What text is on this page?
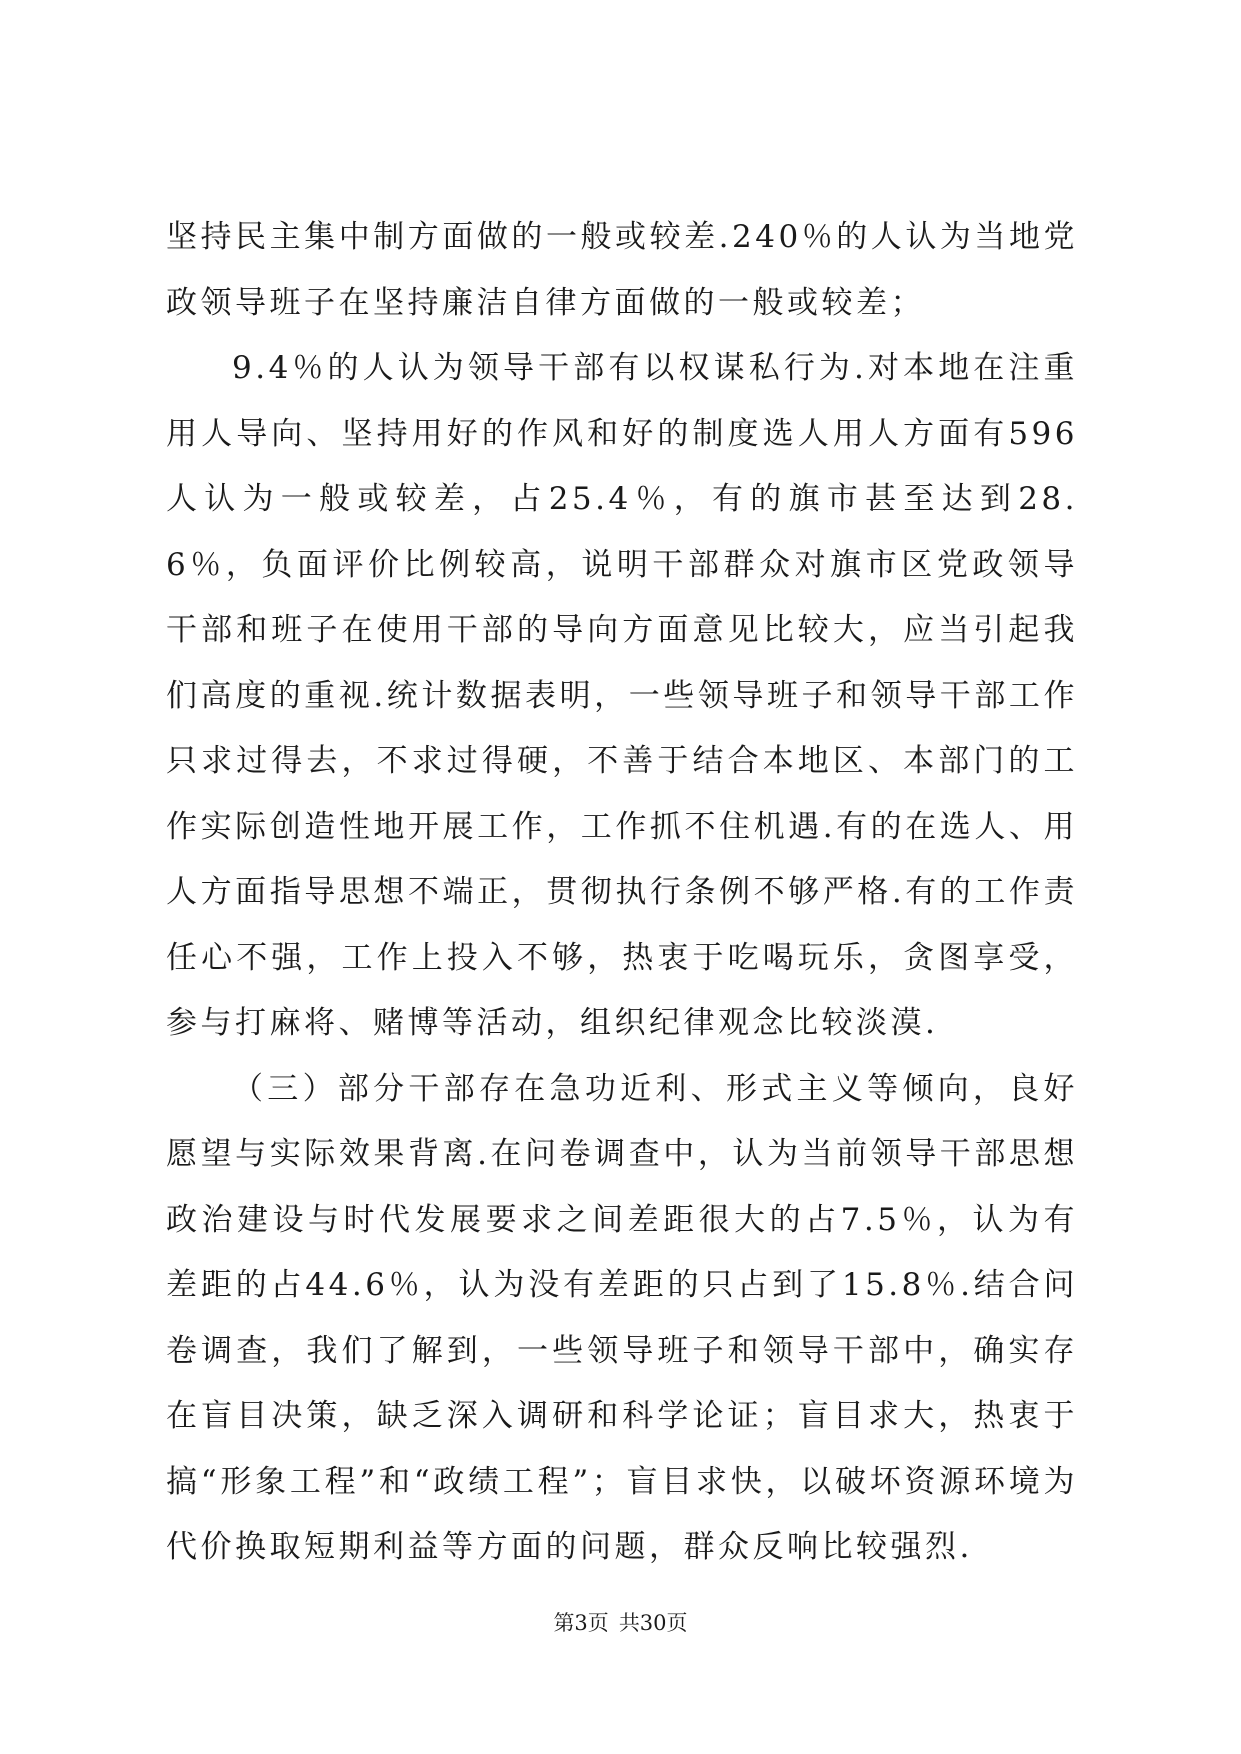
坚持民主集中制方面做的一般或较差.240％的人认为当地党政领导班子在坚持廉洁自律方面做的一般或较差；

9.4％的人认为领导干部有以权谋私行为.对本地在注重用人导向、坚持用好的作风和好的制度选人用人方面有596人认为一般或较差，占25.4％，有的旗市甚至达到28.6％，负面评价比例较高，说明干部群众对旗市区党政领导干部和班子在使用干部的导向方面意见比较大，应当引起我们高度的重视.统计数据表明，一些领导班子和领导干部工作只求过得去，不求过得硬，不善于结合本地区、本部门的工作实际创造性地开展工作，工作抓不住机遇.有的在选人、用人方面指导思想不端正，贯彻执行条例不够严格.有的工作责任心不强，工作上投入不够，热衷于吃喝玩乐，贪图享受，参与打麻将、赌博等活动，组织纪律观念比较淡漠.

（三）部分干部存在急功近利、形式主义等倾向，良好愿望与实际效果背离.在问卷调查中，认为当前领导干部思想政治建设与时代发展要求之间差距很大的占7.5％，认为有差距的占44.6％，认为没有差距的只占到了15.8％.结合问卷调查，我们了解到，一些领导班子和领导干部中，确实存在盲目决策，缺乏深入调研和科学论证；盲目求大，热衷于搞“形象工程”和“政绩工程”；盲目求快，以破坏资源环境为代价换取短期利益等方面的问题，群众反响比较强烈.

第3页 共30页
